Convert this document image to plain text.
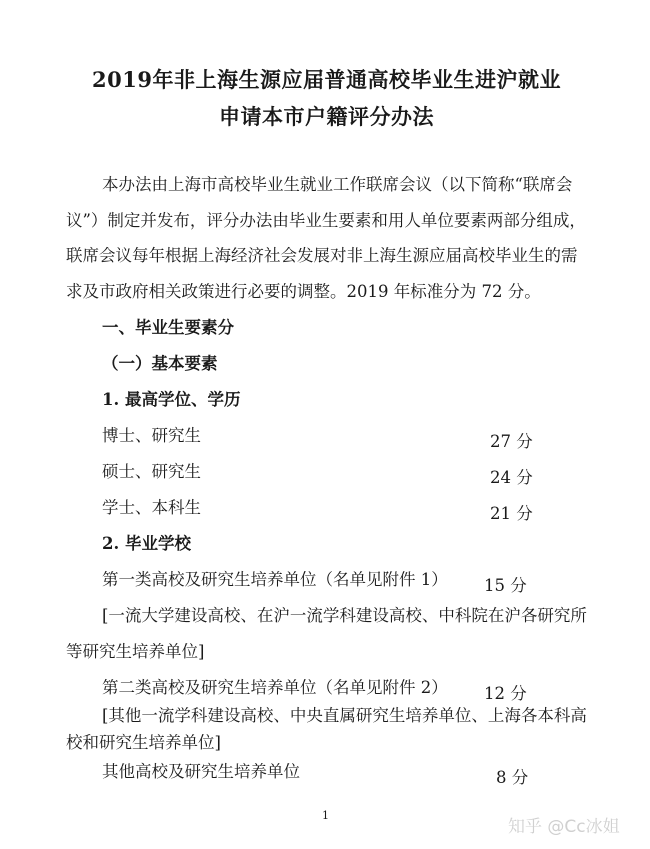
2019年非上海生源应届普通高校毕业生进沪就业
申请本市户籍评分办法
本办法由上海市高校毕业生就业工作联席会议（以下简称“联席会
议”）制定并发布，评分办法由毕业生要素和用人单位要素两部分组成，
联席会议每年根据上海经济社会发展对非上海生源应届高校毕业生的需
求及市政府相关政策进行必要的调整。2019 年标准分为 72 分。
一、毕业生要素分
（一）基本要素
1. 最高学位、学历
博士、研究生	27 分
硕士、研究生	24 分
学士、本科生	21 分
2. 毕业学校
第一类高校及研究生培养单位（名单见附件 1） 15 分
[一流大学建设高校、在沪一流学科建设高校、中科院在沪各研究所
等研究生培养单位]
第二类高校及研究生培养单位（名单见附件 2） 12 分
[其他一流学科建设高校、中央直属研究生培养单位、上海各本科高
校和研究生培养单位]
其他高校及研究生培养单位	8 分
1
知乎 @Cc冰姐
